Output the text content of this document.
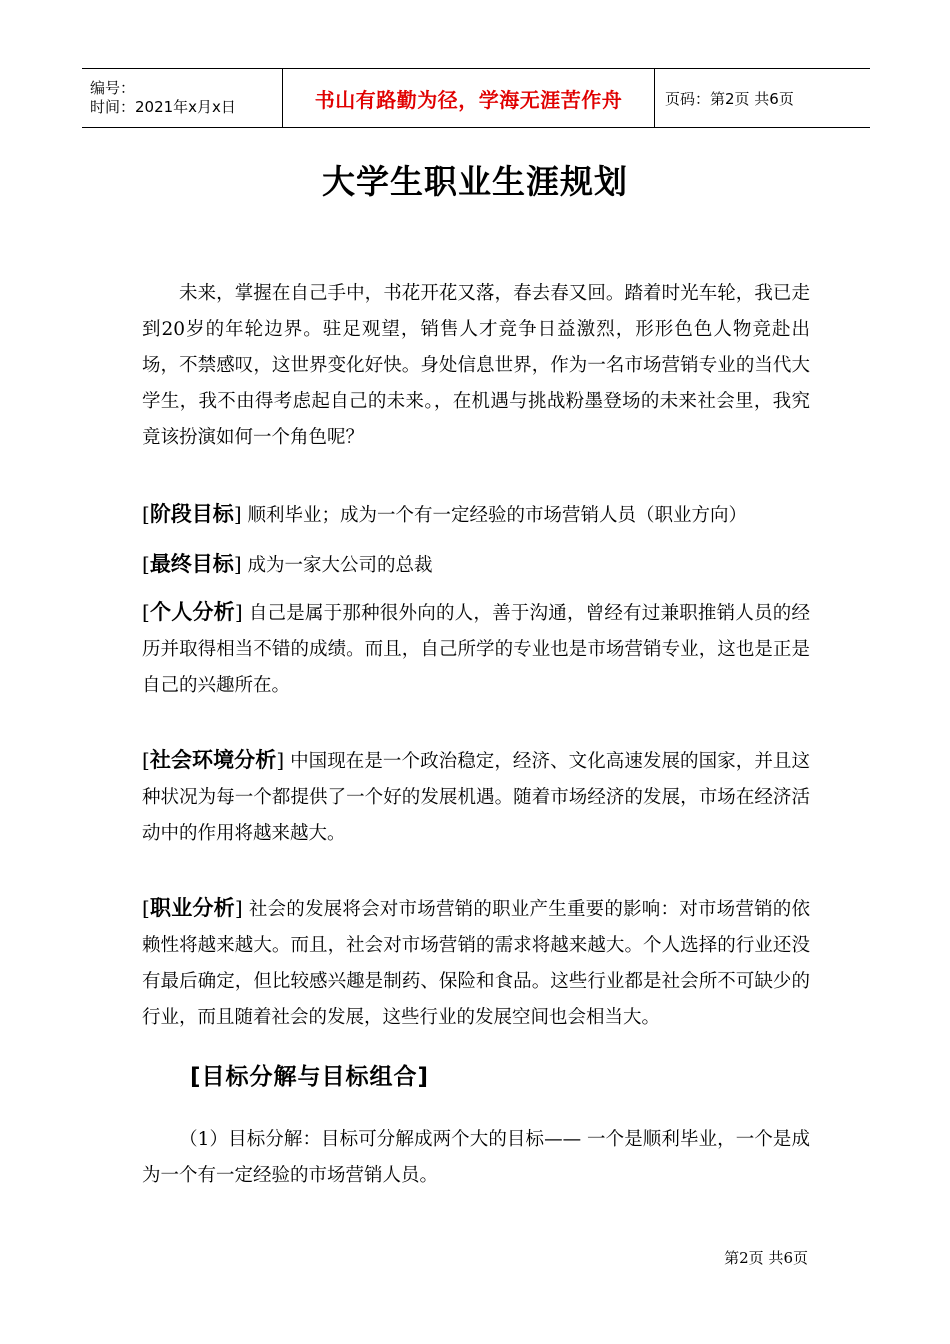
编号：
时间：2021年x月x日	书山有路勤为径，学海无涯苦作舟	页码：第2页 共6页
大学生职业生涯规划

未来，掌握在自己手中，书花开花又落，春去春又回。踏着时光车轮，我已走到20岁的年轮边界。驻足观望，销售人才竞争日益激烈，形形色色人物竞赴出场，不禁感叹，这世界变化好快。身处信息世界，作为一名市场营销专业的当代大学生，我不由得考虑起自己的未来。，在机遇与挑战粉墨登场的未来社会里，我究竟该扮演如何一个角色呢？

[阶段目标] 顺利毕业；成为一个有一定经验的市场营销人员（职业方向）

[最终目标] 成为一家大公司的总裁

[个人分析] 自己是属于那种很外向的人，善于沟通，曾经有过兼职推销人员的经历并取得相当不错的成绩。而且，自己所学的专业也是市场营销专业，这也是正是自己的兴趣所在。

[社会环境分析] 中国现在是一个政治稳定，经济、文化高速发展的国家，并且这种状况为每一个都提供了一个好的发展机遇。随着市场经济的发展，市场在经济活动中的作用将越来越大。

[职业分析] 社会的发展将会对市场营销的职业产生重要的影响：对市场营销的依赖性将越来越大。而且，社会对市场营销的需求将越来越大。个人选择的行业还没有最后确定，但比较感兴趣是制药、保险和食品。这些行业都是社会所不可缺少的行业，而且随着社会的发展，这些行业的发展空间也会相当大。

[目标分解与目标组合]

（1）目标分解：目标可分解成两个大的目标—— 一个是顺利毕业，一个是成为一个有一定经验的市场营销人员。

第2页 共6页
